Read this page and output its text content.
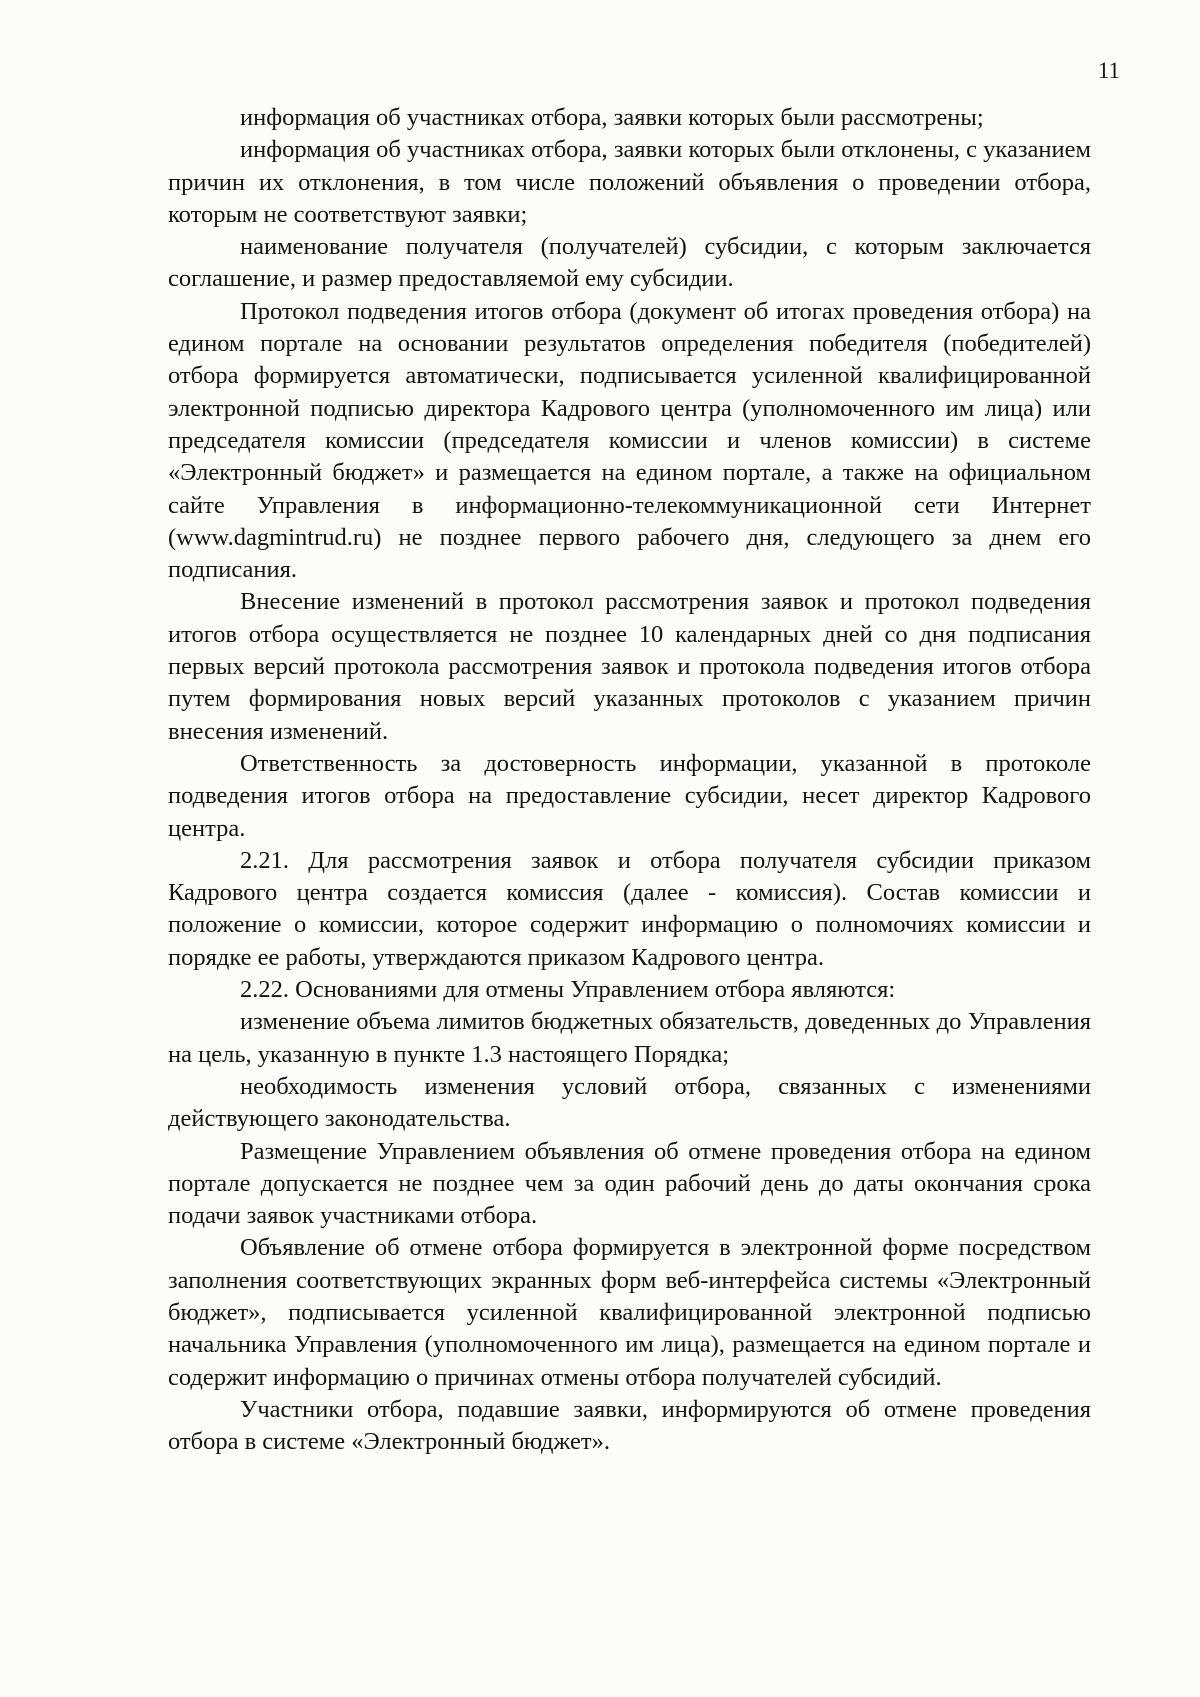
11

информация об участниках отбора, заявки которых были рассмотрены;

информация об участниках отбора, заявки которых были отклонены, с указанием причин их отклонения, в том числе положений объявления о проведении отбора, которым не соответствуют заявки;

наименование получателя (получателей) субсидии, с которым заключается соглашение, и размер предоставляемой ему субсидии.

Протокол подведения итогов отбора (документ об итогах проведения отбора) на едином портале на основании результатов определения победителя (победителей) отбора формируется автоматически, подписывается усиленной квалифицированной электронной подписью директора Кадрового центра (уполномоченного им лица) или председателя комиссии (председателя комиссии и членов комиссии) в системе «Электронный бюджет» и размещается на едином портале, а также на официальном сайте Управления в информационно-телекоммуникационной сети Интернет (www.dagmintrud.ru) не позднее первого рабочего дня, следующего за днем его подписания.

Внесение изменений в протокол рассмотрения заявок и протокол подведения итогов отбора осуществляется не позднее 10 календарных дней со дня подписания первых версий протокола рассмотрения заявок и протокола подведения итогов отбора путем формирования новых версий указанных протоколов с указанием причин внесения изменений.

Ответственность за достоверность информации, указанной в протоколе подведения итогов отбора на предоставление субсидии, несет директор Кадрового центра.

2.21. Для рассмотрения заявок и отбора получателя субсидии приказом Кадрового центра создается комиссия (далее - комиссия). Состав комиссии и положение о комиссии, которое содержит информацию о полномочиях комиссии и порядке ее работы, утверждаются приказом Кадрового центра.

2.22. Основаниями для отмены Управлением отбора являются:

изменение объема лимитов бюджетных обязательств, доведенных до Управления на цель, указанную в пункте 1.3 настоящего Порядка;

необходимость изменения условий отбора, связанных с изменениями действующего законодательства.

Размещение Управлением объявления об отмене проведения отбора на едином портале допускается не позднее чем за один рабочий день до даты окончания срока подачи заявок участниками отбора.

Объявление об отмене отбора формируется в электронной форме посредством заполнения соответствующих экранных форм веб-интерфейса системы «Электронный бюджет», подписывается усиленной квалифицированной электронной подписью начальника Управления (уполномоченного им лица), размещается на едином портале и содержит информацию о причинах отмены отбора получателей субсидий.

Участники отбора, подавшие заявки, информируются об отмене проведения отбора в системе «Электронный бюджет».
